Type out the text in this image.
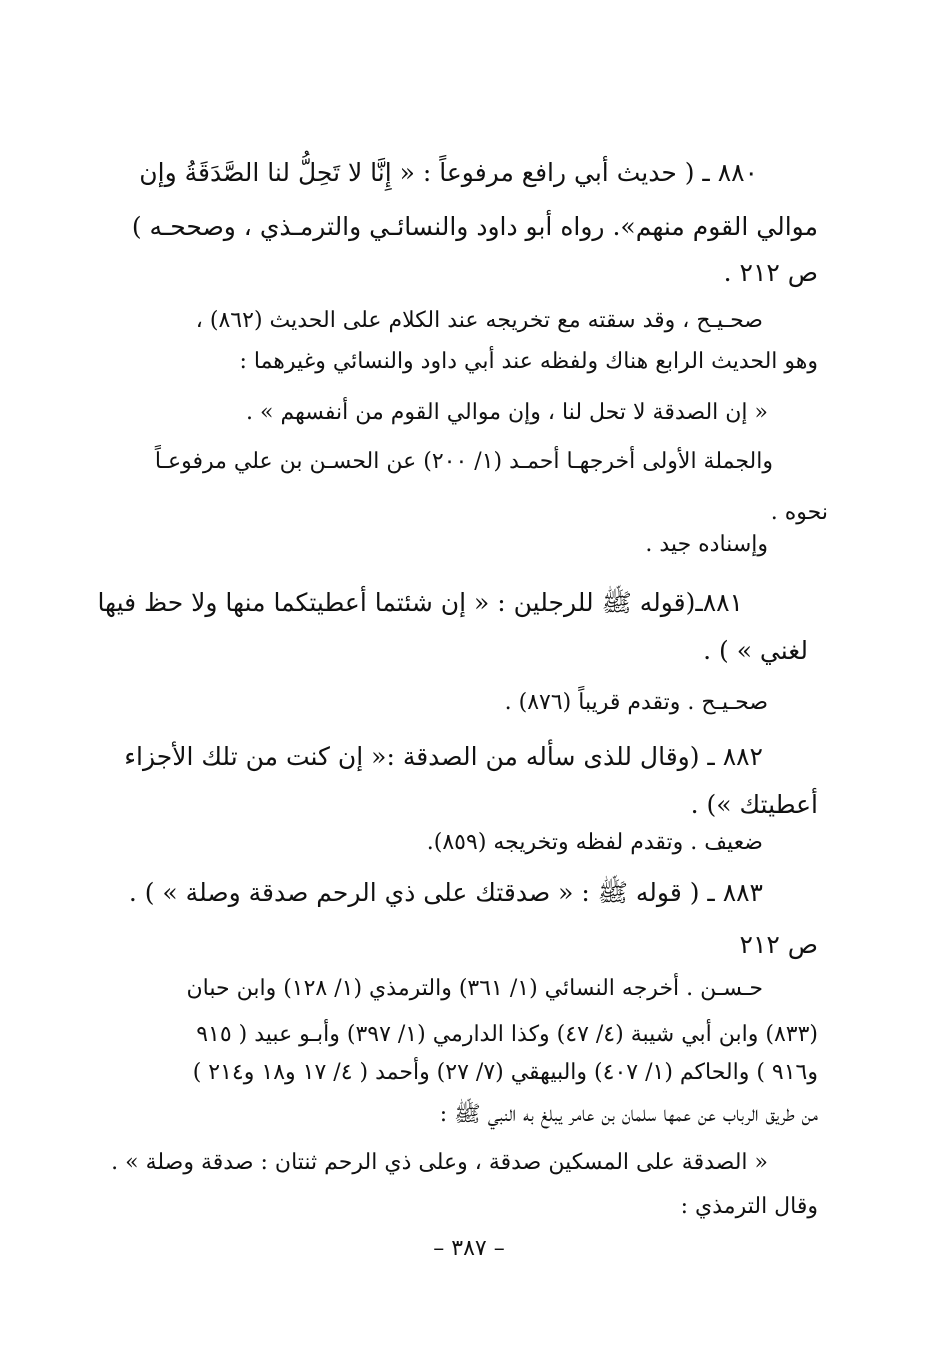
٨٨٠ ـ ( حديث أبي رافع مرفوعاً : « إِنَّا لا تَحِلُّ لنا الصَّدَقَةُ وإن

موالي القوم منهم». رواه أبو داود والنسائـي والترمـذي ، وصححـه )

ص ٢١٢ .

صحـيـح ، وقد سقته مع تخريجه عند الكلام على الحديث (٨٦٢) ،

وهو الحديث الرابع هناك ولفظه عند أبي داود والنسائي وغيرهما :

« إن الصدقة لا تحل لنا ، وإن موالي القوم من أنفسهم » .

والجملة الأولى أخرجهـا أحمـد (١/ ٢٠٠) عن الحسـن بن علي مرفوعـاً

نحوه .

وإسناده جيد .

٨٨١ـ(قوله ﷺ للرجلين : « إن شئتما أعطيتكما منها ولا حظ فيها

لغني » ) .

صحـيـح . وتقدم قريباً (٨٧٦) .

٨٨٢ ـ (وقال للذى سأله من الصدقة :« إن كنت من تلك الأجزاء

أعطيتك ») .

ضعيف . وتقدم لفظه وتخريجه (٨٥٩).

٨٨٣ ـ ( قوله ﷺ : « صدقتك على ذي الرحم صدقة وصلة » ) .

ص ٢١٢

حـسـن . أخرجه النسائي (١/ ٣٦١) والترمذي (١/ ١٢٨) وابن حبان

(٨٣٣) وابن أبي شيبة (٤/ ٤٧) وكذا الدارمي (١/ ٣٩٧) وأبـو عبيد ( ٩١٥

و٩١٦ ) والحاكم (١/ ٤٠٧) والبيهقي (٧/ ٢٧) وأحمد ( ٤/ ١٧ و١٨ و٢١٤ )

من طريق الرباب عن عمها سلمان بن عامر يبلغ به النبي ﷺ :

« الصدقة على المسكين صدقة ، وعلى ذي الرحم ثنتان : صدقة وصلة » .

وقال الترمذي :

– ٣٨٧ –
